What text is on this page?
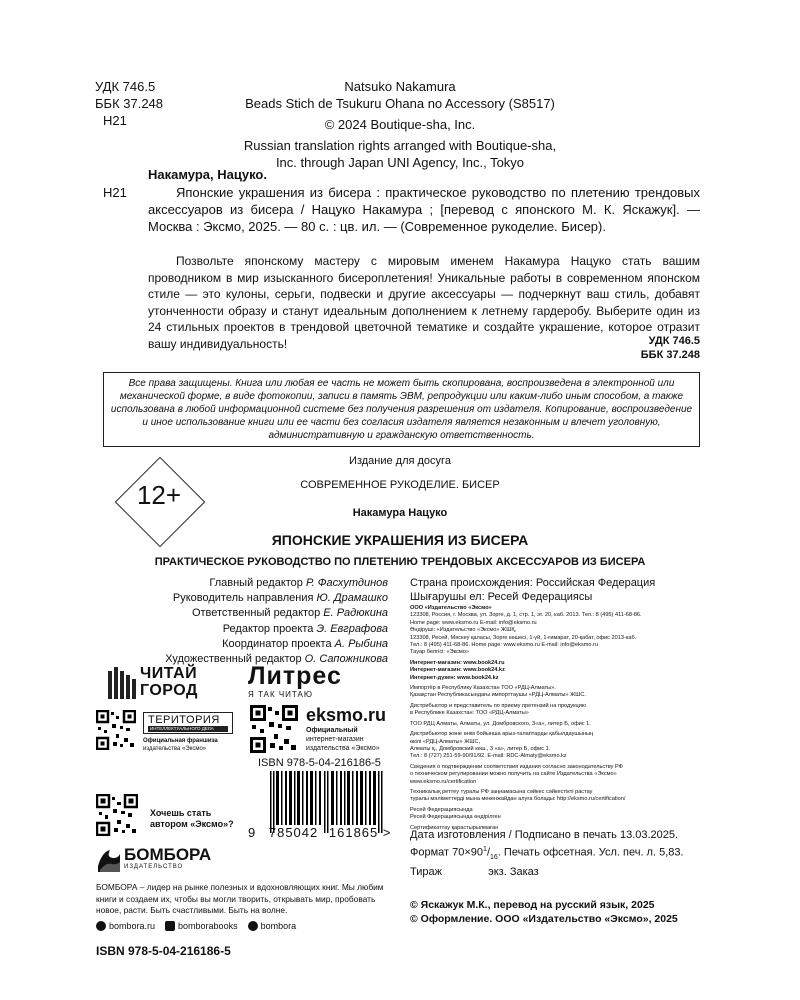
УДК 746.5
ББК 37.248
Н21
Natsuko Nakamura
Beads Stich de Tsukuru Ohana no Accessory (S8517)
© 2024 Boutique-sha, Inc.
Russian translation rights arranged with Boutique-sha,
Inc. through Japan UNI Agency, Inc., Tokyo
Накамура, Нацуко.
Н21	Японские украшения из бисера : практическое руководство по плетению трендовых аксессуаров из бисера / Нацуко Накамура ; [перевод с японского М. К. Яскажук]. — Москва : Эксмо, 2025. — 80 с. : цв. ил. — (Современное рукоделие. Бисер).
Позвольте японскому мастеру с мировым именем Накамура Нацуко стать вашим проводником в мир изысканного бисероплетения! Уникальные работы в современном японском стиле — это кулоны, серьги, подвески и другие аксессуары — подчеркнут ваш стиль, добавят утонченности образу и станут идеальным дополнением к летнему гардеробу. Выберите один из 24 стильных проектов в трендовой цветочной тематике и создайте украшение, которое отразит вашу индивидуальность!	УДК 746.5
ББК 37.248
Все права защищены. Книга или любая ее часть не может быть скопирована, воспроизведена в электронной или механической форме, в виде фотокопии, записи в память ЭВМ, репродукции или каким-либо иным способом, а также использована в любой информационной системе без получения разрешения от издателя. Копирование, воспроизведение и иное использование книги или ее части без согласия издателя является незаконным и влечет уголовную, административную и гражданскую ответственность.
12+
Издание для досуга
СОВРЕМЕННОЕ РУКОДЕЛИЕ. БИСЕР
Накамура Нацуко
ЯПОНСКИЕ УКРАШЕНИЯ ИЗ БИСЕРА
ПРАКТИЧЕСКОЕ РУКОВОДСТВО ПО ПЛЕТЕНИЮ ТРЕНДОВЫХ АКСЕССУАРОВ ИЗ БИСЕРА
Главный редактор Р. Фасхутдинов
Руководитель направления Ю. Драмашко
Ответственный редактор Е. Радюкина
Редактор проекта Э. Евграфова
Координатор проекта А. Рыбина
Художественный редактор О. Сапожникова
Страна происхождения: Российская Федерация
Шығарушы ел: Ресей Федерациясы
ООО «Издательство «Эксмо»
123308, Россия, г. Москва, ул. Зорге, д. 1, стр. 1, эт. 20, каб. 2013. Тел.: 8 (495) 411-68-86.
Home page: www.eksmo.ru E-mail: info@eksmo.ru
Өндіруші: «Издательство «Эксмо» ЖШҚ,
123308, Ресей, Мәскеу қаласы, Зорге көшесі, 1-үй, 1-ғимарат, 20-қабат, офис 2013-каб.
Тел.: 8 (495) 411-68-86. Home page: www.eksmo.ru E-mail: info@eksmo.ru
Тауар белгісі: «Эксмо»
Интернет-магазин: www.book24.ru
Интернет-магазин: www.book24.kz
Интернет-дүкен: www.book24.kz
Импортёр в Республику Казахстан ТОО «РДЦ-Алматы».
Қазақстан Республикасындағы импорттаушы «РДЦ-Алматы» ЖШС.
Дистрибьютор и представитель по приему претензий на продукцию
в Республике Казахстан: ТОО «РДЦ-Алматы»
ТОО РДЦ Алматы, Алматы, ул. Домбровского, 3«а», литер Б, офис 1.
Дистрибьютор және өнім бойынша арыз-талаптарды қабылдаушының
өкілі «РДЦ-Алматы» ЖШС,
Алматы қ., Домбровский көш., 3 «а», литер Б, офис 1.
Тел.: 8 (727) 251-59-90/91/92. E-mail: RDC-Almaty@eksmo.kz
Сведения о подтверждении соответствия издания согласно законодательству РФ
о техническом регулировании можно получить на сайте Издательства «Эксмо»
www.eksmo.ru/certification
Техникалық реттеу туралы РФ заңнамасына сәйкес сәйкестікті растау
туралы мәліметтерді мына мекенжайдан алуға болады: http://eksmo.ru/certification/
Ресей Федерациясында
Ресей Федерациясында өндірілген
Сертификаттау қарастырылмаған
Дата изготовления / Подписано в печать 13.03.2025.
Формат $70\times 90^1/_{16}$. Печать офсетная. Усл. печ. л. 5,83.
Тираж	экз. Заказ
ЧИТАЙ
ГОРОД
Литрес
Я ТАК ЧИТАЮ
ТЕРИТОРИЯ
ИНТЕЛЛЕКТУАЛЬНОГО ДЕЛА
Официальная франшиза
издательства «Эксмо»
eksmo.ru
Официальный
интернет-магазин
издательства «Эксмо»
Хочешь стать
автором «Эксмо»?
ISBN 978-5-04-216186-5
9 785042 161865 >
БОМБОРА
ИЗДАТЕЛЬСТВО
БОМБОРА – лидер на рынке полезных и вдохновляющих книг. Мы любим книги и создаем их, чтобы вы могли творить, открывать мир, пробовать новое, расти. Быть счастливыми. Быть на волне.
bombora.ru	bomborabooks	bombora
ISBN 978-5-04-216186-5
© Яскажук М.К., перевод на русский язык, 2025
© Оформление. ООО «Издательство «Эксмо», 2025
